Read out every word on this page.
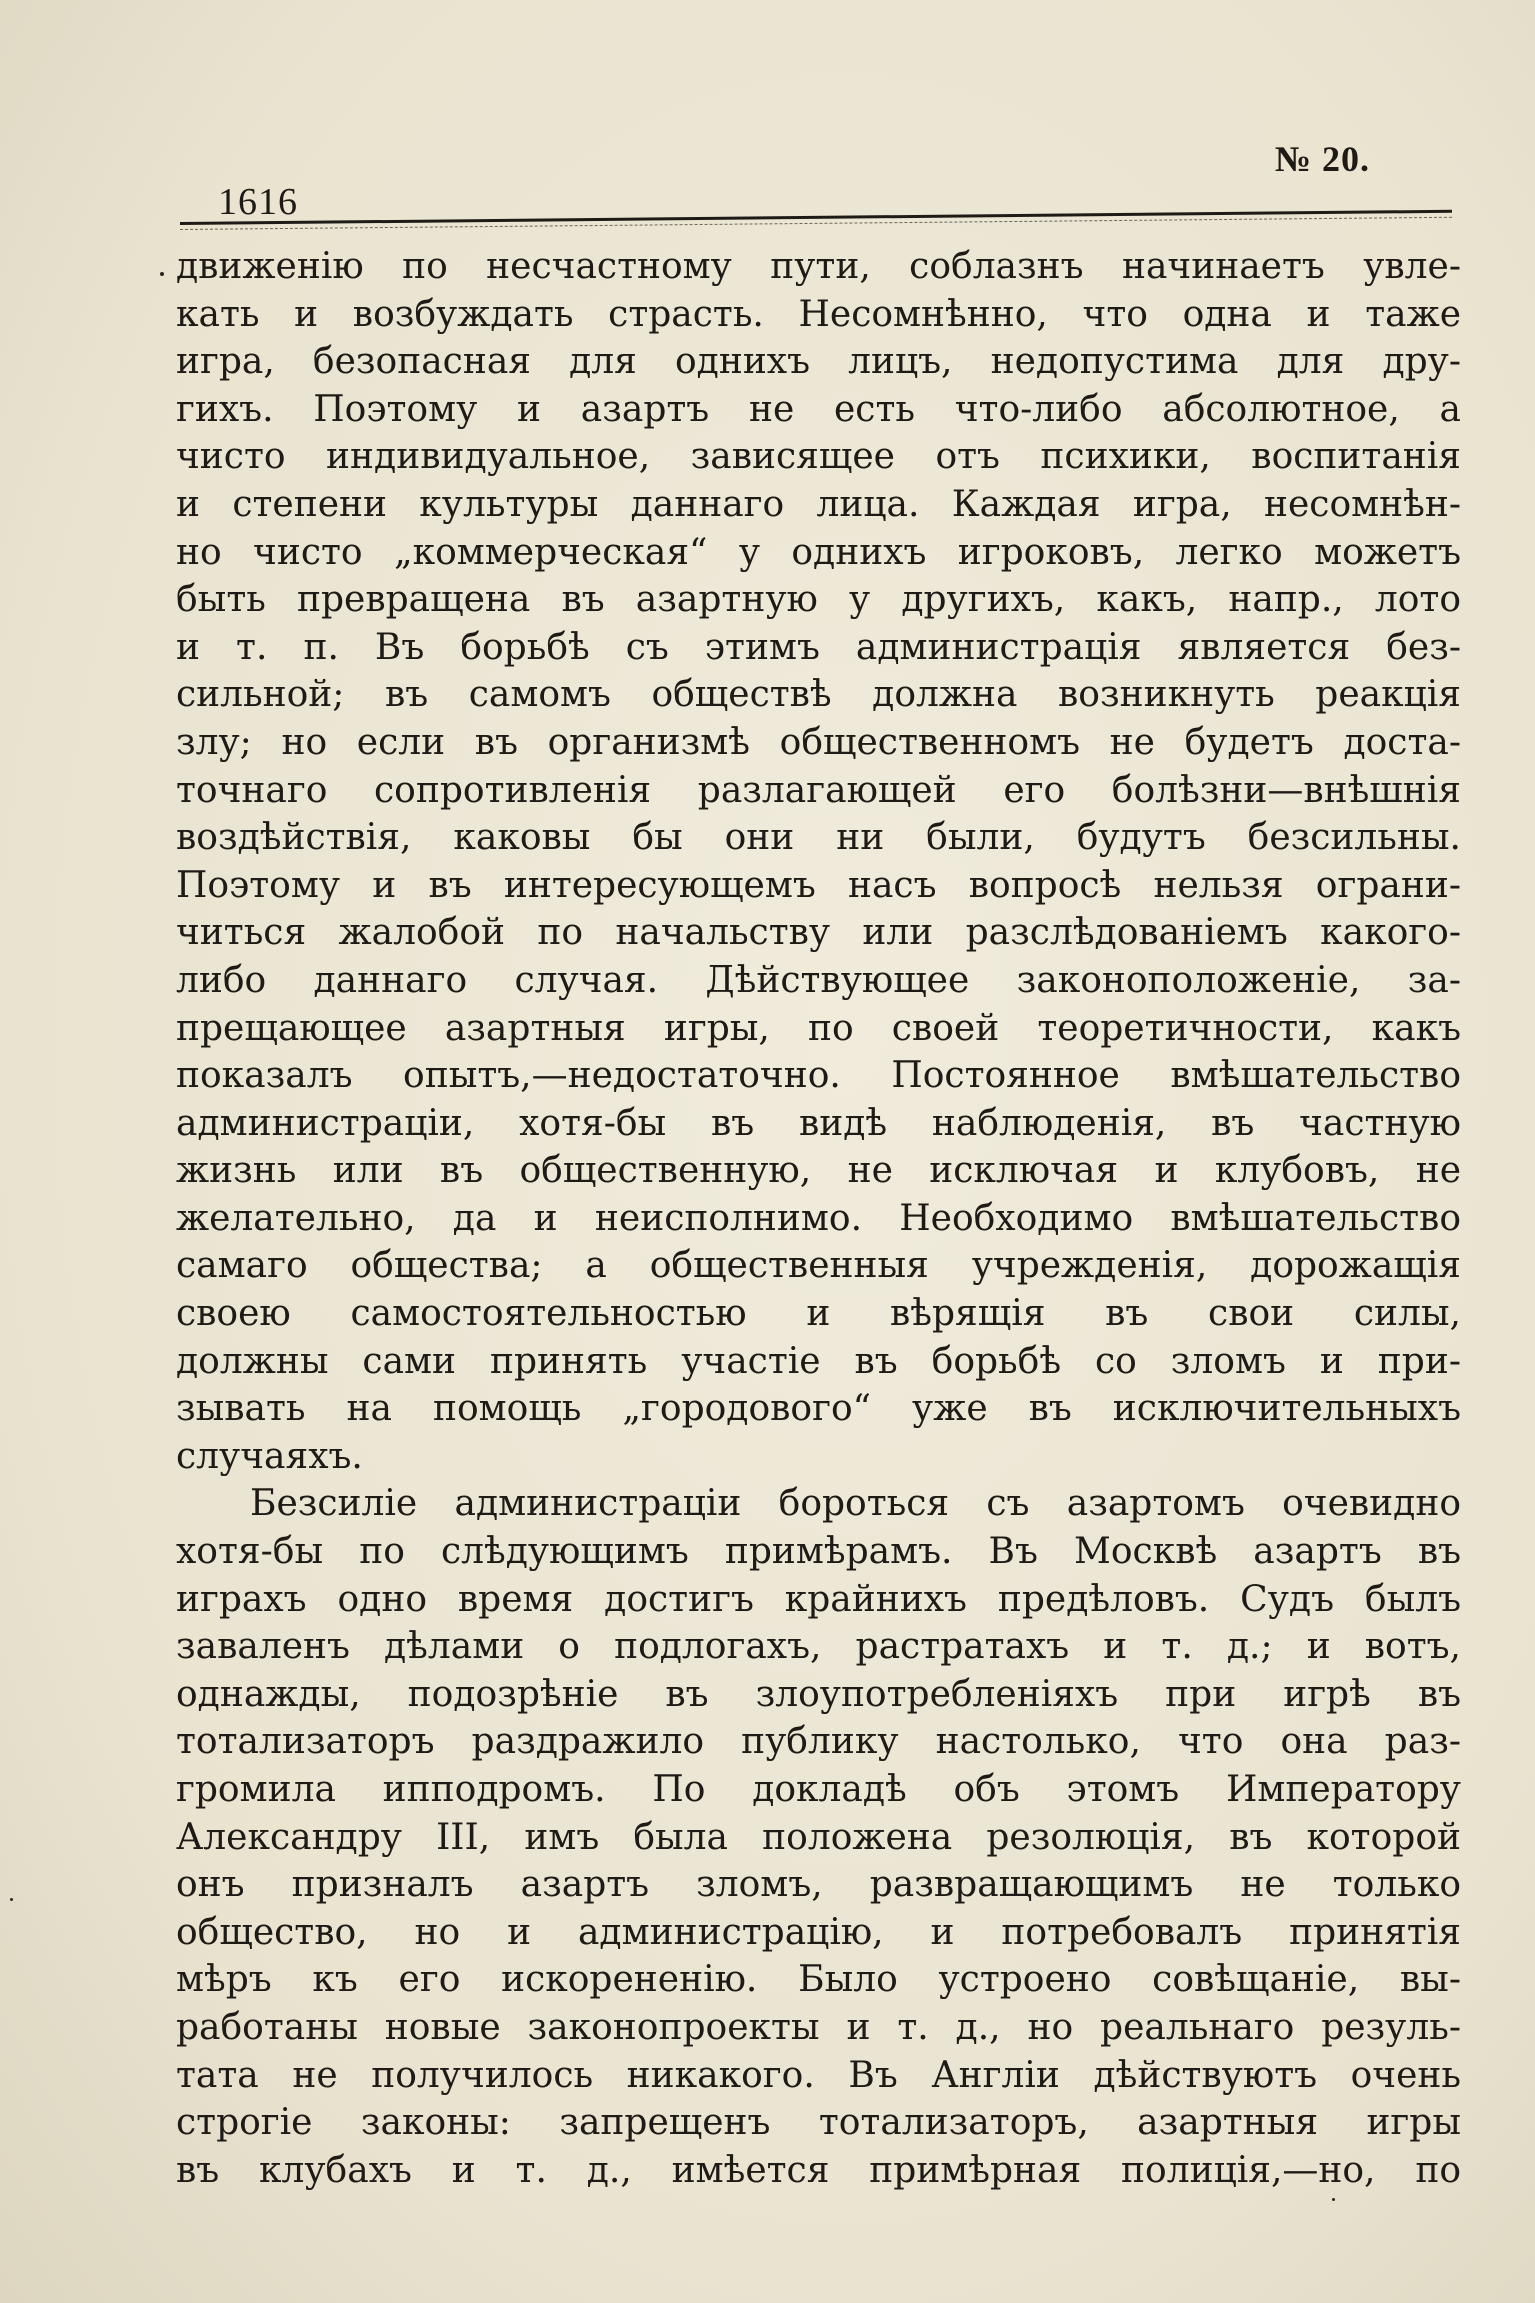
№ 20.
1616
движенію по несчастному пути, соблазнъ начинаетъ увле-
кать и возбуждать страсть. Несомнѣнно, что одна и таже
игра, безопасная для однихъ лицъ, недопустима для дру-
гихъ. Поэтому и азартъ не есть что-либо абсолютное, а
чисто индивидуальное, зависящее отъ психики, воспитанія
и степени культуры даннаго лица. Каждая игра, несомнѣн-
но чисто „коммерческая“ у однихъ игроковъ, легко можетъ
быть превращена въ азартную у другихъ, какъ, напр., лото
и т. п. Въ борьбѣ съ этимъ администрація является без-
сильной; въ самомъ обществѣ должна возникнуть реакція
злу; но если въ организмѣ общественномъ не будетъ доста-
точнаго сопротивленія разлагающей его болѣзни—внѣшнія
воздѣйствія, каковы бы они ни были, будутъ безсильны.
Поэтому и въ интересующемъ насъ вопросѣ нельзя ограни-
читься жалобой по начальству или разслѣдованіемъ какого-
либо даннаго случая. Дѣйствующее законоположеніе, за-
прещающее азартныя игры, по своей теоретичности, какъ
показалъ опытъ,—недостаточно. Постоянное вмѣшательство
администраціи, хотя-бы въ видѣ наблюденія, въ частную
жизнь или въ общественную, не исключая и клубовъ, не
желательно, да и неисполнимо. Необходимо вмѣшательство
самаго общества; а общественныя учрежденія, дорожащія
своею самостоятельностью и вѣрящія въ свои силы,
должны сами принять участіе въ борьбѣ со зломъ и при-
зывать на помощь „городового“ уже въ исключительныхъ
случаяхъ.
Безсиліе администраціи бороться съ азартомъ очевидно
хотя-бы по слѣдующимъ примѣрамъ. Въ Москвѣ азартъ въ
играхъ одно время достигъ крайнихъ предѣловъ. Судъ былъ
заваленъ дѣлами о подлогахъ, растратахъ и т. д.; и вотъ,
однажды, подозрѣніе въ злоупотребленіяхъ при игрѣ въ
тотализаторъ раздражило публику настолько, что она раз-
громила ипподромъ. По докладѣ объ этомъ Императору
Александру III, имъ была положена резолюція, въ которой
онъ призналъ азартъ зломъ, развращающимъ не только
общество, но и администрацію, и потребовалъ принятія
мѣръ къ его искорененію. Было устроено совѣщаніе, вы-
работаны новые законопроекты и т. д., но реальнаго резуль-
тата не получилось никакого. Въ Англіи дѣйствуютъ очень
строгіе законы: запрещенъ тотализаторъ, азартныя игры
въ клубахъ и т. д., имѣется примѣрная полиція,—но, по
